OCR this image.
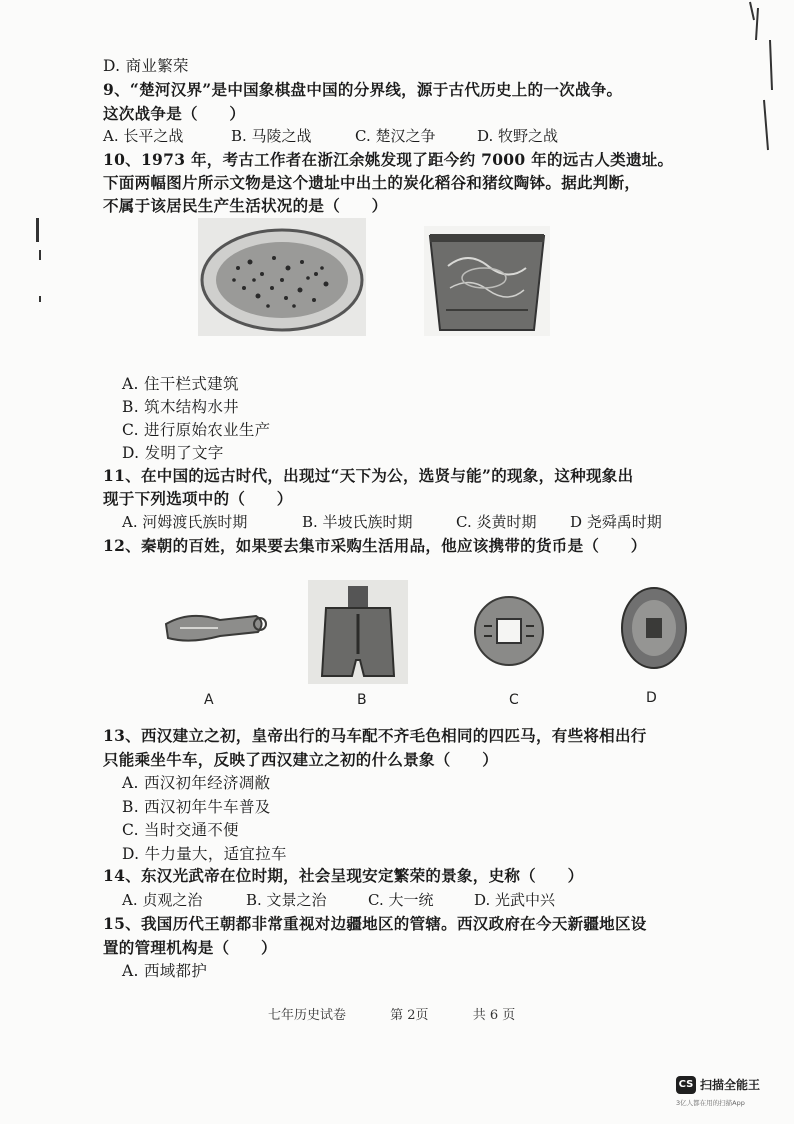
D. 商业繁荣
9、“楚河汉界”是中国象棋盘中国的分界线，源于古代历史上的一次战争。
这次战争是（　　）
A. 长平之战	B. 马陵之战	C. 楚汉之争	D. 牧野之战
10、1973 年，考古工作者在浙江余姚发现了距今约 7000 年的远古人类遗址。
下面两幅图片所示文物是这个遗址中出土的炭化稻谷和猪纹陶钵。据此判断，
不属于该居民生产生活状况的是（　　）
A. 住干栏式建筑
B. 筑木结构水井
C. 进行原始农业生产
D. 发明了文字
11、在中国的远古时代，出现过“天下为公，选贤与能”的现象，这种现象出
现于下列选项中的（　　）
A. 河姆渡氏族时期	B. 半坡氏族时期	C. 炎黄时期 D 尧舜禹时期
12、秦朝的百姓，如果要去集市采购生活用品，他应该携带的货币是（　　）
A	B	C	D
13、西汉建立之初，皇帝出行的马车配不齐毛色相同的四匹马，有些将相出行
只能乘坐牛车，反映了西汉建立之初的什么景象（　　）
A. 西汉初年经济凋敝
B. 西汉初年牛车普及
C. 当时交通不便
D. 牛力量大，适宜拉车
14、东汉光武帝在位时期，社会呈现安定繁荣的景象，史称（　　）
A. 贞观之治	B. 文景之治	C. 大一统	D. 光武中兴
15、我国历代王朝都非常重视对边疆地区的管辖。西汉政府在今天新疆地区设
置的管理机构是（　　）
A. 西域都护
七年历史试卷	第 2页	共 6 页
CS 扫描全能王
3亿人都在用的扫描App
